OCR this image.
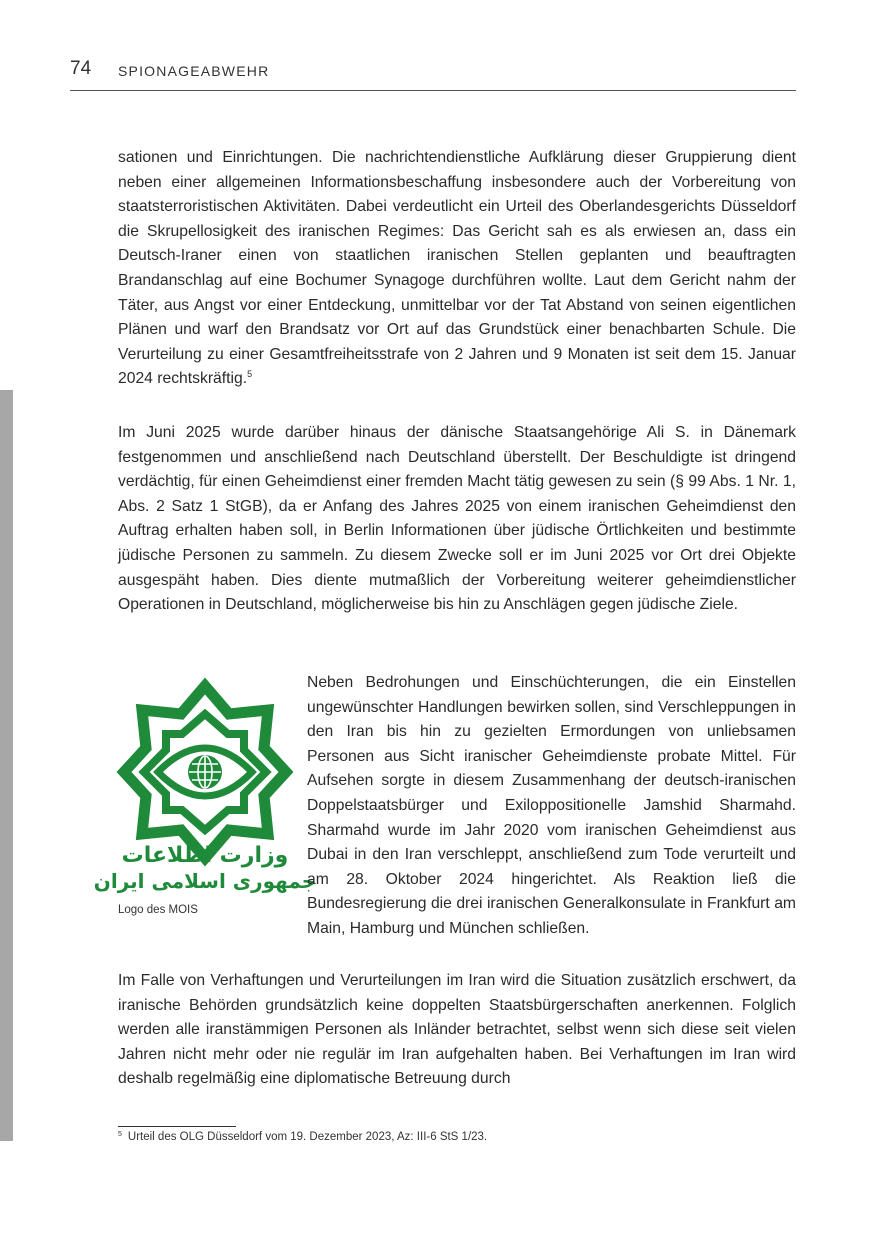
74 SPIONAGEABWEHR

sationen und Einrichtungen. Die nachrichtendienstliche Aufklärung dieser Gruppierung dient neben einer allgemeinen Informationsbeschaffung insbesondere auch der Vorbereitung von staatsterroristischen Aktivitäten. Dabei verdeutlicht ein Urteil des Oberlandesgerichts Düsseldorf die Skrupellosigkeit des iranischen Regimes: Das Gericht sah es als erwiesen an, dass ein Deutsch-Iraner einen von staatlichen iranischen Stellen geplanten und beauftragten Brandanschlag auf eine Bochumer Synagoge durchführen wollte. Laut dem Gericht nahm der Täter, aus Angst vor einer Entdeckung, unmittelbar vor der Tat Abstand von seinen eigentlichen Plänen und warf den Brandsatz vor Ort auf das Grundstück einer benachbarten Schule. Die Verurteilung zu einer Gesamtfreiheitsstrafe von 2 Jahren und 9 Monaten ist seit dem 15. Januar 2024 rechtskräftig.$^5$

Im Juni 2025 wurde darüber hinaus der dänische Staatsangehörige Ali S. in Dänemark festgenommen und anschließend nach Deutschland überstellt. Der Beschuldigte ist dringend verdächtig, für einen Geheimdienst einer fremden Macht tätig gewesen zu sein (§ 99 Abs. 1 Nr. 1, Abs. 2 Satz 1 StGB), da er Anfang des Jahres 2025 von einem iranischen Geheimdienst den Auftrag erhalten haben soll, in Berlin Informationen über jüdische Örtlichkeiten und bestimmte jüdische Personen zu sammeln. Zu diesem Zwecke soll er im Juni 2025 vor Ort drei Objekte ausgespäht haben. Dies diente mutmaßlich der Vorbereitung weiterer geheimdienstlicher Operationen in Deutschland, möglicherweise bis hin zu Anschlägen gegen jüdische Ziele.

وزارت اطلاعات
جمهوری اسلامی ایران
Logo des MOIS

Neben Bedrohungen und Einschüchterungen, die ein Einstellen ungewünschter Handlungen bewirken sollen, sind Verschleppungen in den Iran bis hin zu gezielten Ermordungen von unliebsamen Personen aus Sicht iranischer Geheimdienste probate Mittel. Für Aufsehen sorgte in diesem Zusammenhang der deutsch-iranischen Doppelstaatsbürger und Exiloppositionelle Jamshid Sharmahd. Sharmahd wurde im Jahr 2020 vom iranischen Geheimdienst aus Dubai in den Iran verschleppt, anschließend zum Tode verurteilt und am 28. Oktober 2024 hingerichtet. Als Reaktion ließ die Bundesregierung die drei iranischen Generalkonsulate in Frankfurt am Main, Hamburg und München schließen.

Im Falle von Verhaftungen und Verurteilungen im Iran wird die Situation zusätzlich erschwert, da iranische Behörden grundsätzlich keine doppelten Staatsbürgerschaften anerkennen. Folglich werden alle iranstämmigen Personen als Inländer betrachtet, selbst wenn sich diese seit vielen Jahren nicht mehr oder nie regulär im Iran aufgehalten haben. Bei Verhaftungen im Iran wird deshalb regelmäßig eine diplomatische Betreuung durch

$^5$ Urteil des OLG Düsseldorf vom 19. Dezember 2023, Az: III-6 StS 1/23.
